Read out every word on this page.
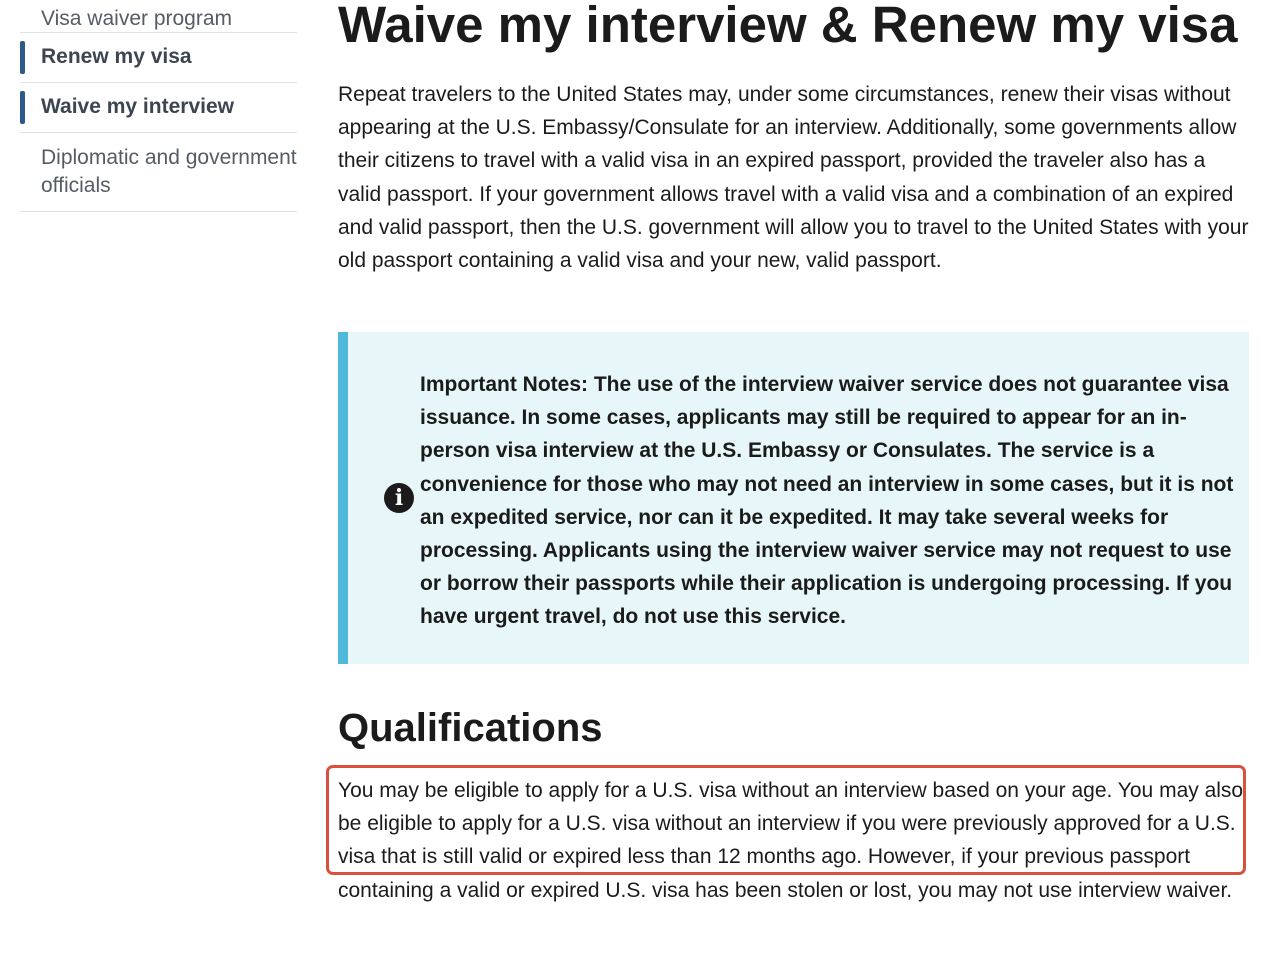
Visa waiver program
Renew my visa
Waive my interview
Diplomatic and government officials
Waive my interview & Renew my visa

Repeat travelers to the United States may, under some circumstances, renew their visas without appearing at the U.S. Embassy/Consulate for an interview. Additionally, some governments allow their citizens to travel with a valid visa in an expired passport, provided the traveler also has a valid passport. If your government allows travel with a valid visa and a combination of an expired and valid passport, then the U.S. government will allow you to travel to the United States with your old passport containing a valid visa and your new, valid passport.

i

Important Notes: The use of the interview waiver service does not guarantee visa issuance. In some cases, applicants may still be required to appear for an in-person visa interview at the U.S. Embassy or Consulates. The service is a convenience for those who may not need an interview in some cases, but it is not an expedited service, nor can it be expedited. It may take several weeks for processing. Applicants using the interview waiver service may not request to use or borrow their passports while their application is undergoing processing. If you have urgent travel, do not use this service.

Qualifications

You may be eligible to apply for a U.S. visa without an interview based on your age. You may also be eligible to apply for a U.S. visa without an interview if you were previously approved for a U.S. visa that is still valid or expired less than 12 months ago. However, if your previous passport containing a valid or expired U.S. visa has been stolen or lost, you may not use interview waiver.
